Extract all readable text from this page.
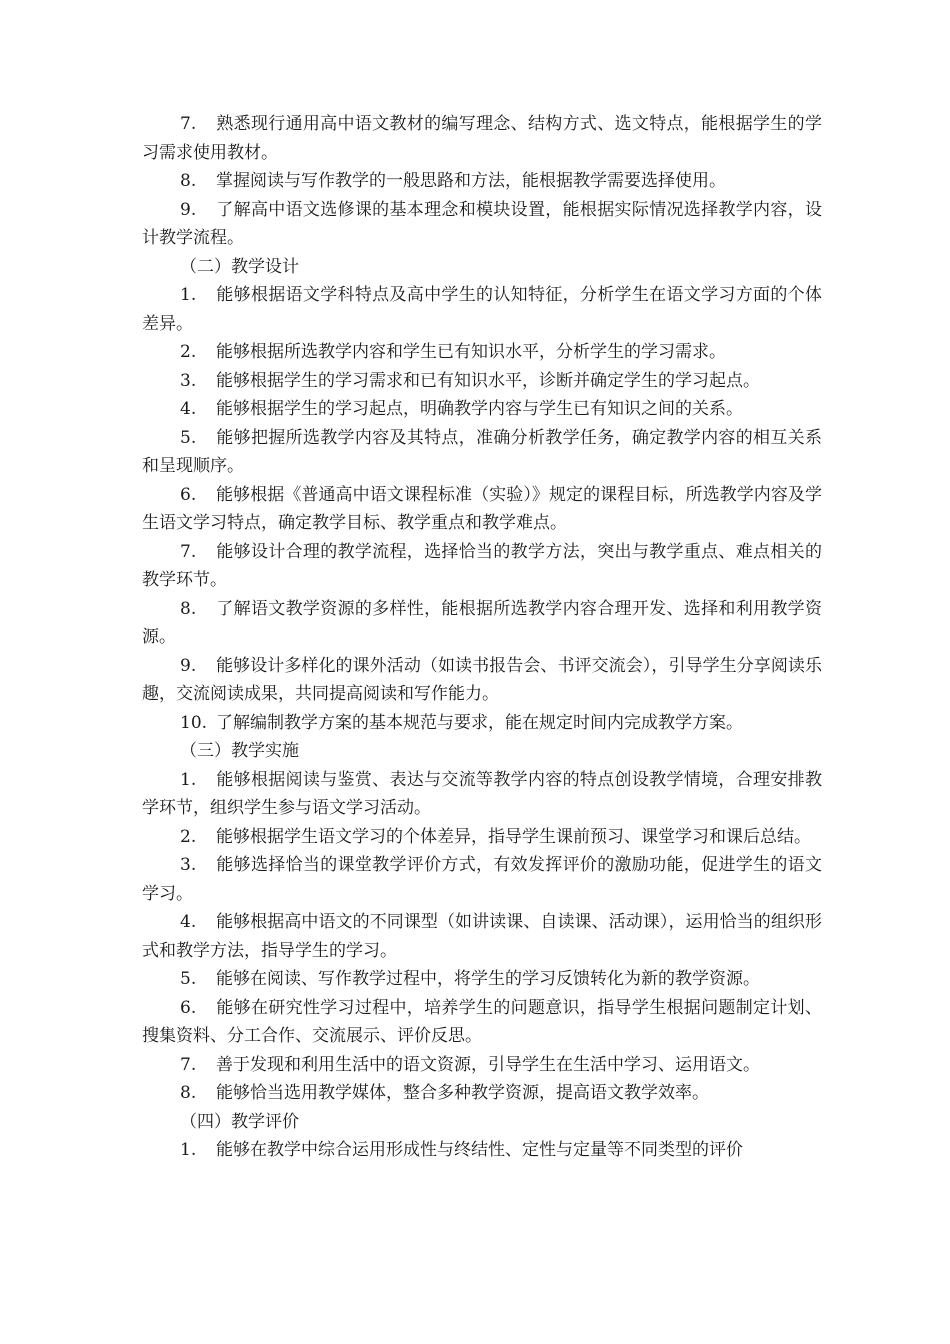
7. 熟悉现行通用高中语文教材的编写理念、结构方式、选文特点，能根据学生的学习需求使用教材。

8. 掌握阅读与写作教学的一般思路和方法，能根据教学需要选择使用。

9. 了解高中语文选修课的基本理念和模块设置，能根据实际情况选择教学内容，设计教学流程。

（二）教学设计

1. 能够根据语文学科特点及高中学生的认知特征，分析学生在语文学习方面的个体差异。

2. 能够根据所选教学内容和学生已有知识水平，分析学生的学习需求。

3. 能够根据学生的学习需求和已有知识水平，诊断并确定学生的学习起点。

4. 能够根据学生的学习起点，明确教学内容与学生已有知识之间的关系。

5. 能够把握所选教学内容及其特点，准确分析教学任务，确定教学内容的相互关系和呈现顺序。

6. 能够根据《普通高中语文课程标准（实验）》规定的课程目标，所选教学内容及学生语文学习特点，确定教学目标、教学重点和教学难点。

7. 能够设计合理的教学流程，选择恰当的教学方法，突出与教学重点、难点相关的教学环节。

8. 了解语文教学资源的多样性，能根据所选教学内容合理开发、选择和利用教学资源。

9. 能够设计多样化的课外活动（如读书报告会、书评交流会），引导学生分享阅读乐趣，交流阅读成果，共同提高阅读和写作能力。

10. 了解编制教学方案的基本规范与要求，能在规定时间内完成教学方案。

（三）教学实施

1. 能够根据阅读与鉴赏、表达与交流等教学内容的特点创设教学情境，合理安排教学环节，组织学生参与语文学习活动。

2. 能够根据学生语文学习的个体差异，指导学生课前预习、课堂学习和课后总结。

3. 能够选择恰当的课堂教学评价方式，有效发挥评价的激励功能，促进学生的语文学习。

4. 能够根据高中语文的不同课型（如讲读课、自读课、活动课），运用恰当的组织形式和教学方法，指导学生的学习。

5. 能够在阅读、写作教学过程中，将学生的学习反馈转化为新的教学资源。

6. 能够在研究性学习过程中，培养学生的问题意识，指导学生根据问题制定计划、搜集资料、分工合作、交流展示、评价反思。

7. 善于发现和利用生活中的语文资源，引导学生在生活中学习、运用语文。

8. 能够恰当选用教学媒体，整合多种教学资源，提高语文教学效率。

（四）教学评价

1. 能够在教学中综合运用形成性与终结性、定性与定量等不同类型的评价
